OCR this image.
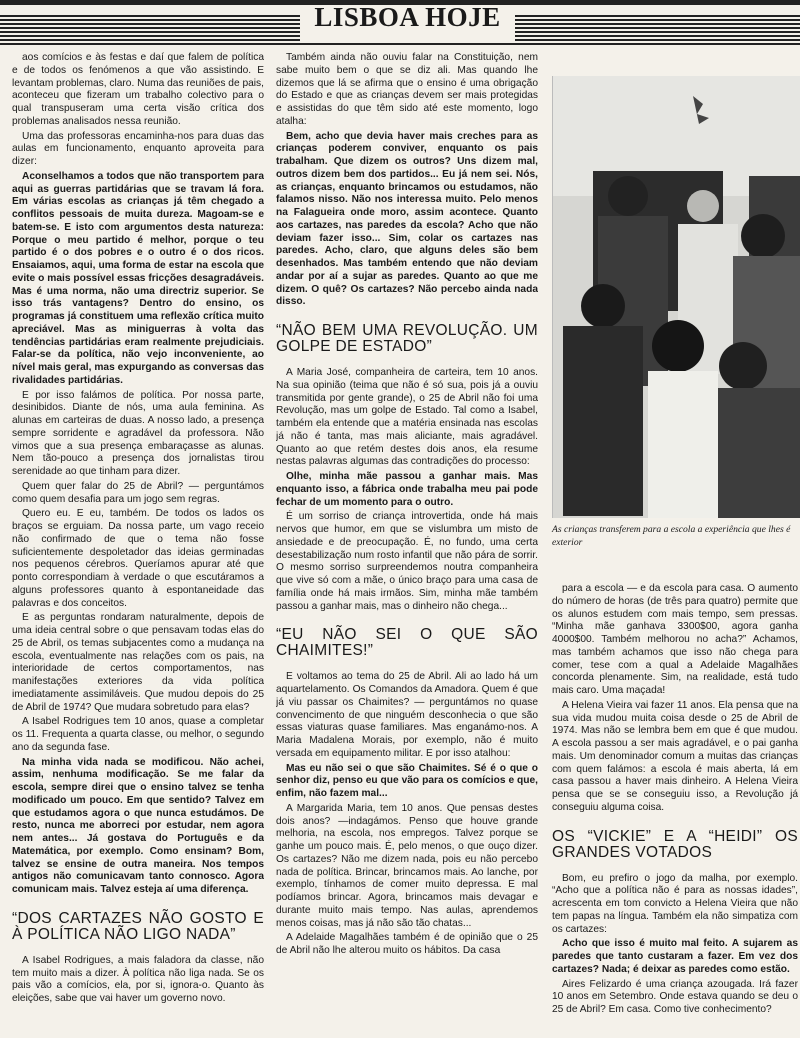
LISBOA HOJE

aos comícios e às festas e daí que falem de política e de todos os fenómenos a que vão assistindo. E levantam problemas, claro. Numa das reuniões de pais, aconteceu que fizeram um trabalho colectivo para o qual transpuseram uma certa visão crítica dos problemas analisados nessa reunião.

Uma das professoras encaminha-nos para duas das aulas em funcionamento, enquanto aproveita para dizer:

Aconselhamos a todos que não transportem para aqui as guerras partidárias que se travam lá fora. Em várias escolas as crianças já têm chegado a conflitos pessoais de muita dureza. Magoam-se e batem-se. E isto com argumentos desta natureza: Porque o meu partido é melhor, porque o teu partido é o dos pobres e o outro é o dos ricos. Ensaiamos, aqui, uma forma de estar na escola que evite o mais possível essas fricções desagradáveis. Mas é uma norma, não uma directriz superior. Se isso trás vantagens? Dentro do ensino, os programas já constituem uma reflexão crítica muito apreciável. Mas as miniguerras à volta das tendências partidárias eram realmente prejudiciais. Falar-se da política, não vejo inconveniente, ao nível mais geral, mas expurgando as conversas das rivalidades partidárias.

E por isso falámos de política. Por nossa parte, desinibidos. Diante de nós, uma aula feminina. As alunas em carteiras de duas. A nosso lado, a presença sempre sorridente e agradável da professora. Não vimos que a sua presença embaraçasse as alunas. Nem tão-pouco a presença dos jornalistas tirou serenidade ao que tinham para dizer.

Quem quer falar do 25 de Abril? — perguntámos como quem desafia para um jogo sem regras.

Quero eu. E eu, também. De todos os lados os braços se erguiam. Da nossa parte, um vago receio não confirmado de que o tema não fosse suficientemente despoletador das ideias germinadas nos pequenos cérebros. Queríamos apurar até que ponto correspondiam à verdade o que escutáramos a alguns professores quanto à espontaneidade das palavras e dos conceitos.

E as perguntas rondaram naturalmente, depois de uma ideia central sobre o que pensavam todas elas do 25 de Abril, os temas subjacentes como a mudança na escola, eventualmente nas relações com os pais, na interioridade de certos comportamentos, nas manifestações exteriores da vida política imediatamente assimiláveis. Que mudou depois do 25 de Abril de 1974? Que mudara sobretudo para elas?

A Isabel Rodrigues tem 10 anos, quase a completar os 11. Frequenta a quarta classe, ou melhor, o segundo ano da segunda fase.

Na minha vida nada se modificou. Não achei, assim, nenhuma modificação. Se me falar da escola, sempre direi que o ensino talvez se tenha modificado um pouco. Em que sentido? Talvez em que estudamos agora o que nunca estudámos. De resto, nunca me aborreci por estudar, nem agora nem antes... Já gostava do Português e da Matemática, por exemplo. Como ensinam? Bom, talvez se ensine de outra maneira. Nos tempos antigos não comunicavam tanto connosco. Agora comunicam mais. Talvez esteja aí uma diferença.

“DOS CARTAZES NÃO GOSTO E À POLÍTICA NÃO LIGO NADA”

A Isabel Rodrigues, a mais faladora da classe, não tem muito mais a dizer. À política não liga nada. Se os pais vão a comícios, ela, por si, ignora-o. Quanto às eleições, sabe que vai haver um governo novo.

Também ainda não ouviu falar na Constituição, nem sabe muito bem o que se diz ali. Mas quando lhe dizemos que lá se afirma que o ensino é uma obrigação do Estado e que as crianças devem ser mais protegidas e assistidas do que têm sido até este momento, logo atalha:

Bem, acho que devia haver mais creches para as crianças poderem conviver, enquanto os pais trabalham. Que dizem os outros? Uns dizem mal, outros dizem bem dos partidos... Eu já nem sei. Nós, as crianças, enquanto brincamos ou estudamos, não falamos nisso. Não nos interessa muito. Pelo menos na Falagueira onde moro, assim acontece. Quanto aos cartazes, nas paredes da escola? Acho que não deviam fazer isso... Sim, colar os cartazes nas paredes. Acho, claro, que alguns deles são bem desenhados. Mas também entendo que não deviam andar por aí a sujar as paredes. Quanto ao que me dizem. O quê? Os cartazes? Não percebo ainda nada disso.

“NÃO BEM UMA REVOLUÇÃO. UM GOLPE DE ESTADO”

A Maria José, companheira de carteira, tem 10 anos. Na sua opinião (teima que não é só sua, pois já a ouviu transmitida por gente grande), o 25 de Abril não foi uma Revolução, mas um golpe de Estado. Tal como a Isabel, também ela entende que a matéria ensinada nas escolas já não é tanta, mas mais aliciante, mais agradável. Quanto ao que retém destes dois anos, ela resume nestas palavras algumas das contradições do processo:

Olhe, minha mãe passou a ganhar mais. Mas enquanto isso, a fábrica onde trabalha meu pai pode fechar de um momento para o outro.

É um sorriso de criança introvertida, onde há mais nervos que humor, em que se vislumbra um misto de ansiedade e de preocupação. É, no fundo, uma certa desestabilização num rosto infantil que não pára de sorrir. O mesmo sorriso surpreendemos noutra companheira que vive só com a mãe, o único braço para uma casa de família onde há mais irmãos. Sim, minha mãe também passou a ganhar mais, mas o dinheiro não chega...

“EU NÃO SEI O QUE SÃO CHAIMITES!”

E voltamos ao tema do 25 de Abril. Ali ao lado há um aquartelamento. Os Comandos da Amadora. Quem é que já viu passar os Chaimites? — perguntámos no quase convencimento de que ninguém desconhecia o que são essas viaturas quase familiares. Mas enganámo-nos. A Maria Madalena Morais, por exemplo, não é muito versada em equipamento militar. E por isso atalhou:

Mas eu não sei o que são Chaimites. Sé é o que o senhor diz, penso eu que vão para os comícios e que, enfim, não fazem mal...

A Margarida Maria, tem 10 anos. Que pensas destes dois anos? —indagámos. Penso que houve grande melhoria, na escola, nos empregos. Talvez porque se ganhe um pouco mais. É, pelo menos, o que ouço dizer. Os cartazes? Não me dizem nada, pois eu não percebo nada de política. Brincar, brincamos mais. Ao lanche, por exemplo, tínhamos de comer muito depressa. E mal podíamos brincar. Agora, brincamos mais devagar e durante muito mais tempo. Nas aulas, aprendemos menos coisas, mas já não são tão chatas...

A Adelaide Magalhães também é de opinião que o 25 de Abril não lhe alterou muito os hábitos. Da casa

As crianças transferem para a escola a experiência que lhes é exterior

para a escola — e da escola para casa. O aumento do número de horas (de três para quatro) permite que os alunos estudem com mais tempo, sem pressas. “Minha mãe ganhava 3300$00, agora ganha 4000$00. Também melhorou no acha?” Achamos, mas também achamos que isso não chega para comer, tese com a qual a Adelaide Magalhães concorda plenamente. Sim, na realidade, está tudo mais caro. Uma maçada!

A Helena Vieira vai fazer 11 anos. Ela pensa que na sua vida mudou muita coisa desde o 25 de Abril de 1974. Mas não se lembra bem em que é que mudou. A escola passou a ser mais agradável, e o pai ganha mais. Um denominador comum a muitas das crianças com quem falámos: a escola é mais aberta, lá em casa passou a haver mais dinheiro. A Helena Vieira pensa que se se conseguiu isso, a Revolução já conseguiu alguma coisa.

OS “VICKIE” E A “HEIDI” OS GRANDES VOTADOS

Bom, eu prefiro o jogo da malha, por exemplo. “Acho que a política não é para as nossas idades”, acrescenta em tom convicto a Helena Vieira que não tem papas na língua. Também ela não simpatiza com os cartazes:

Acho que isso é muito mal feito. A sujarem as paredes que tanto custaram a fazer. Em vez dos cartazes? Nada; é deixar as paredes como estão.

Aires Felizardo é uma criança azougada. Irá fazer 10 anos em Setembro. Onde estava quando se deu o 25 de Abril? Em casa. Como tive conhecimento?
